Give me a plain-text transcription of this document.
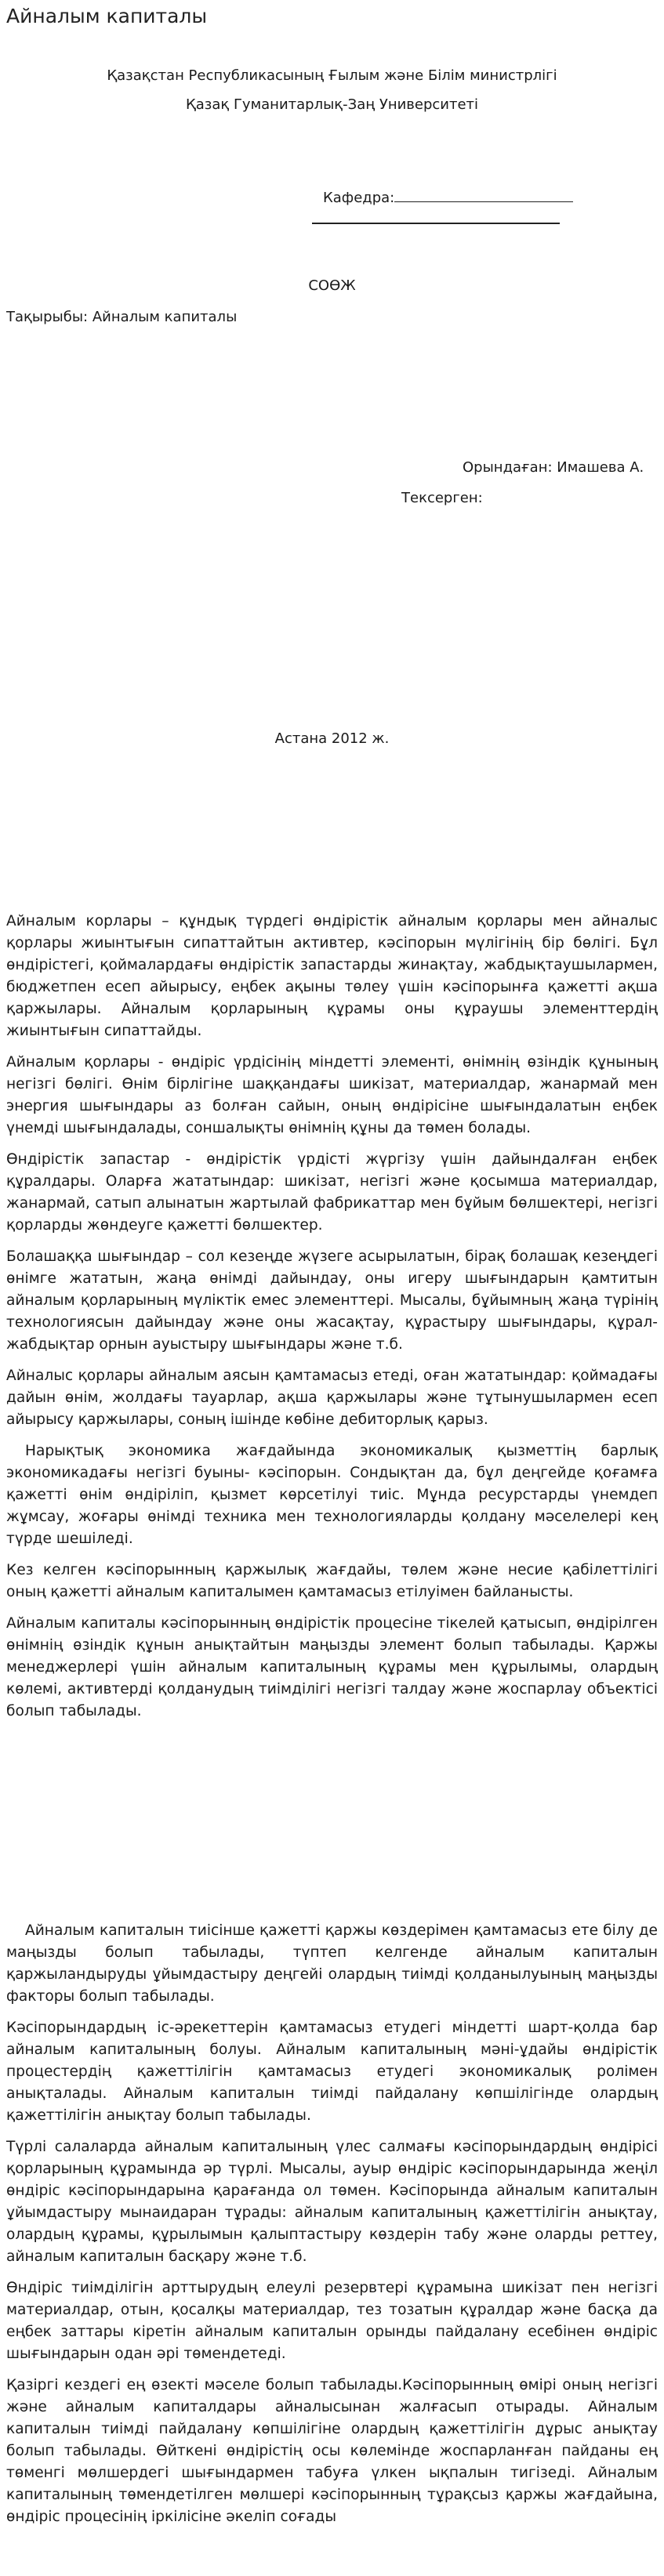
Айналым капиталы
Қазақстан Республикасының Ғылым және Білім министрлігі
Қазақ Гуманитарлық-Заң Университеті
Кафедра:
СОӨЖ
Тақырыбы: Айналым капиталы
Орындаған: Имашева А.
Тексерген:
Астана 2012 ж.

Айналым корлары – құндық түрдегі өндірістік айналым қорлары мен айналыс қорлары жиынтығын сипаттайтын активтер, кәсіпорын мүлігінің бір бөлігі. Бұл өндірістегі, қоймалардағы өндірістік запастарды жинақтау, жабдықтаушылармен, бюджетпен есеп айырысу, еңбек ақыны төлеу үшін кәсіпорынға қажетті ақша қаржылары. Айналым қорларының құрамы оны құраушы элементтердің жиынтығын сипаттайды.

Айналым қорлары - өндіріс үрдісінің міндетті элементі, өнімнің өзіндік құнының негізгі бөлігі. Өнім бірлігіне шаққандағы шикізат, материалдар, жанармай мен энергия шығындары аз болған сайын, оның өндірісіне шығындалатын еңбек үнемді шығындалады, соншалықты өнімнің құны да төмен болады.

Өндірістік запастар - өндірістік үрдісті жүргізу үшін дайындалған еңбек құралдары. Оларға жататындар: шикізат, негізгі және қосымша материалдар, жанармай, сатып алынатын жартылай фабрикаттар мен бұйым бөлшектері, негізгі қорларды жөндеуге қажетті бөлшектер.

Болашаққа шығындар – сол кезеңде жүзеге асырылатын, бірақ болашақ кезеңдегі өнімге жататын, жаңа өнімді дайындау, оны игеру шығындарын қамтитын айналым қорларының мүліктік емес элементтері. Мысалы, бұйымның жаңа түрінің технологиясын дайындау және оны жасақтау, құрастыру шығындары, құрал-жабдықтар орнын ауыстыру шығындары және т.б.

Айналыс қорлары айналым аясын қамтамасыз етеді, оған жататындар: қоймадағы дайын өнім, жолдағы тауарлар, ақша қаржылары және тұтынушылармен есеп айырысу қаржылары, соның ішінде көбіне дебиторлық қарыз.

Нарықтық экономика жағдайында экономикалық қызметтің барлық экономикадағы негізгі буыны- кәсіпорын. Сондықтан да, бұл деңгейде қоғамға қажетті өнім өндіріліп, қызмет көрсетілуі тиіс. Мұнда ресурстарды үнемдеп жұмсау, жоғары өнімді техника мен технологияларды қолдану мәселелері кең түрде шешіледі.

Кез келген кәсіпорынның қаржылық жағдайы, төлем және несие қабілеттілігі оның қажетті айналым капиталымен қамтамасыз етілуімен байланысты.

Айналым капиталы кәсіпорынның өндірістік процесіне тікелей қатысып, өндірілген өнімнің өзіндік құнын анықтайтын маңызды элемент болып табылады. Қаржы менеджерлері үшін айналым капиталының құрамы мен құрылымы, олардың көлемі, активтерді қолданудың тиімділігі негізгі талдау және жоспарлау объектісі болып табылады.

Айналым капиталын тиісінше қажетті қаржы көздерімен қамтамасыз ете білу де маңызды болып табылады, түптеп келгенде айналым капиталын қаржыландыруды ұйымдастыру деңгейі олардың тиімді қолданылуының маңызды факторы болып табылады.

Кәсіпорындардың іс-әрекеттерін қамтамасыз етудегі міндетті шарт-қолда бар айналым капиталының болуы. Айналым капиталының мәні-ұдайы өндірістік процестердің қажеттілігін қамтамасыз етудегі экономикалық ролімен анықталады. Айналым капиталын тиімді пайдалану көпшілігінде олардың қажеттілігін анықтау болып табылады.

Түрлі салаларда айналым капиталының үлес салмағы кәсіпорындардың өндірісі қорларының құрамында әр түрлі. Мысалы, ауыр өндіріс кәсіпорындарында жеңіл өндіріс кәсіпорындарына қарағанда ол төмен. Кәсіпорында айналым капиталын ұйымдастыру мынаидаран тұрады: айналым капиталының қажеттілігін анықтау, олардың құрамы, құрылымын қалыптастыру көздерін табу және оларды реттеу, айналым капиталын басқару және т.б.

Өндіріс тиімділігін арттырудың елеулі резервтері құрамына шикізат пен негізгі материалдар, отын, қосалқы материалдар, тез тозатын құралдар және басқа да еңбек заттары кіретін айналым капиталын орынды пайдалану есебінен өндіріс шығындарын одан әрі төмендетеді.

Қазіргі кездегі ең өзекті мәселе болып табылады.Кәсіпорынның өмірі оның негізгі және айналым капиталдары айналысынан жалғасып отырады. Айналым капиталын тиімді пайдалану көпшілігіне олардың қажеттілігін дұрыс анықтау болып табылады. Өйткені өндірістің осы көлемінде жоспарланған пайданы ең төменгі мөлшердегі шығындармен табуға үлкен ықпалын тигізеді. Айналым капиталының төмендетілген мөлшері кәсіпорынның тұрақсыз қаржы жағдайына, өндіріс процесінің іркілісіне әкеліп соғады
